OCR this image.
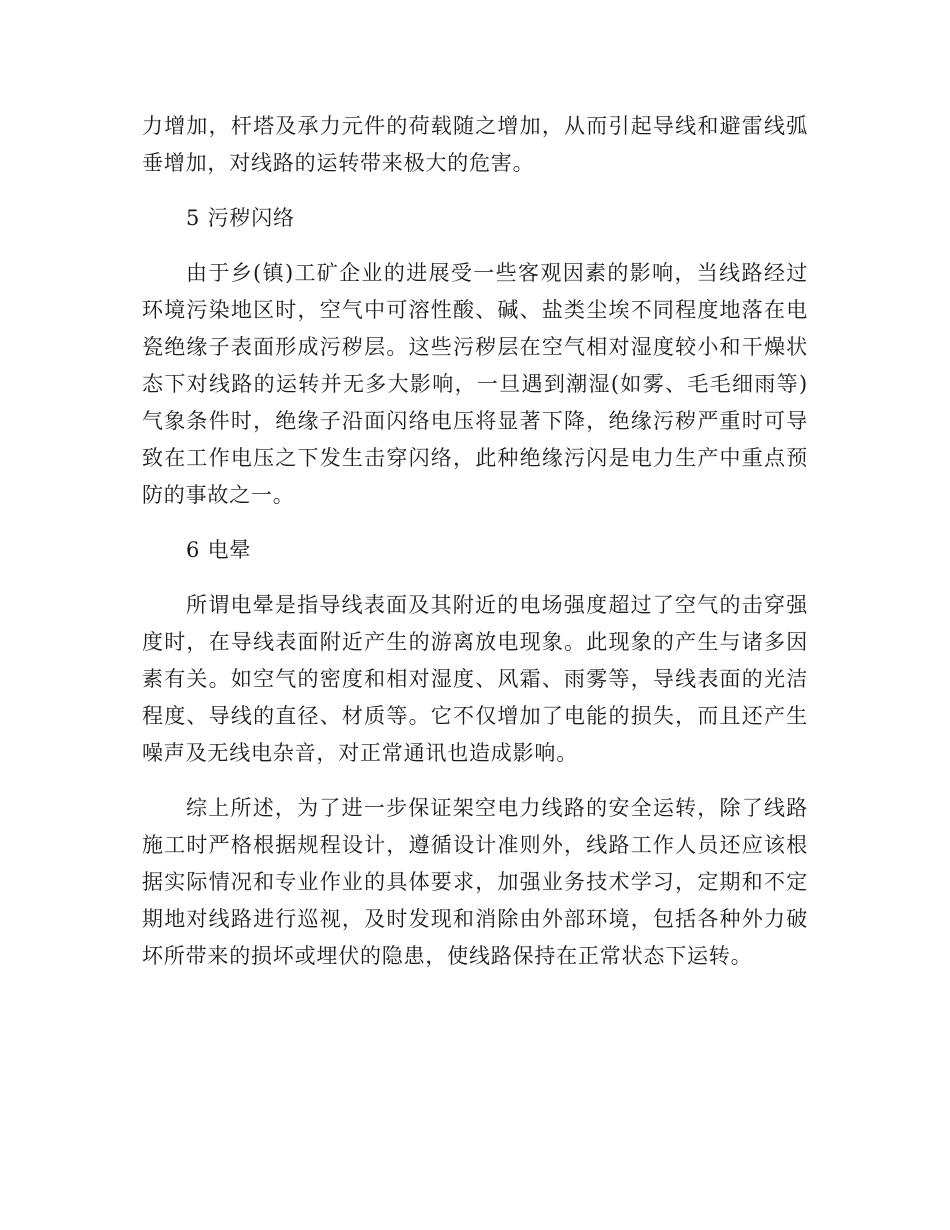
力增加，杆塔及承力元件的荷载随之增加，从而引起导线和避雷线弧垂增加，对线路的运转带来极大的危害。

5 污秽闪络

由于乡(镇)工矿企业的进展受一些客观因素的影响，当线路经过环境污染地区时，空气中可溶性酸、碱、盐类尘埃不同程度地落在电瓷绝缘子表面形成污秽层。这些污秽层在空气相对湿度较小和干燥状态下对线路的运转并无多大影响，一旦遇到潮湿(如雾、毛毛细雨等)气象条件时，绝缘子沿面闪络电压将显著下降，绝缘污秽严重时可导致在工作电压之下发生击穿闪络，此种绝缘污闪是电力生产中重点预防的事故之一。

6 电晕

所谓电晕是指导线表面及其附近的电场强度超过了空气的击穿强度时，在导线表面附近产生的游离放电现象。此现象的产生与诸多因素有关。如空气的密度和相对湿度、风霜、雨雾等，导线表面的光洁程度、导线的直径、材质等。它不仅增加了电能的损失，而且还产生噪声及无线电杂音，对正常通讯也造成影响。

综上所述，为了进一步保证架空电力线路的安全运转，除了线路施工时严格根据规程设计，遵循设计准则外，线路工作人员还应该根据实际情况和专业作业的具体要求，加强业务技术学习，定期和不定期地对线路进行巡视，及时发现和消除由外部环境，包括各种外力破坏所带来的损坏或埋伏的隐患，使线路保持在正常状态下运转。
